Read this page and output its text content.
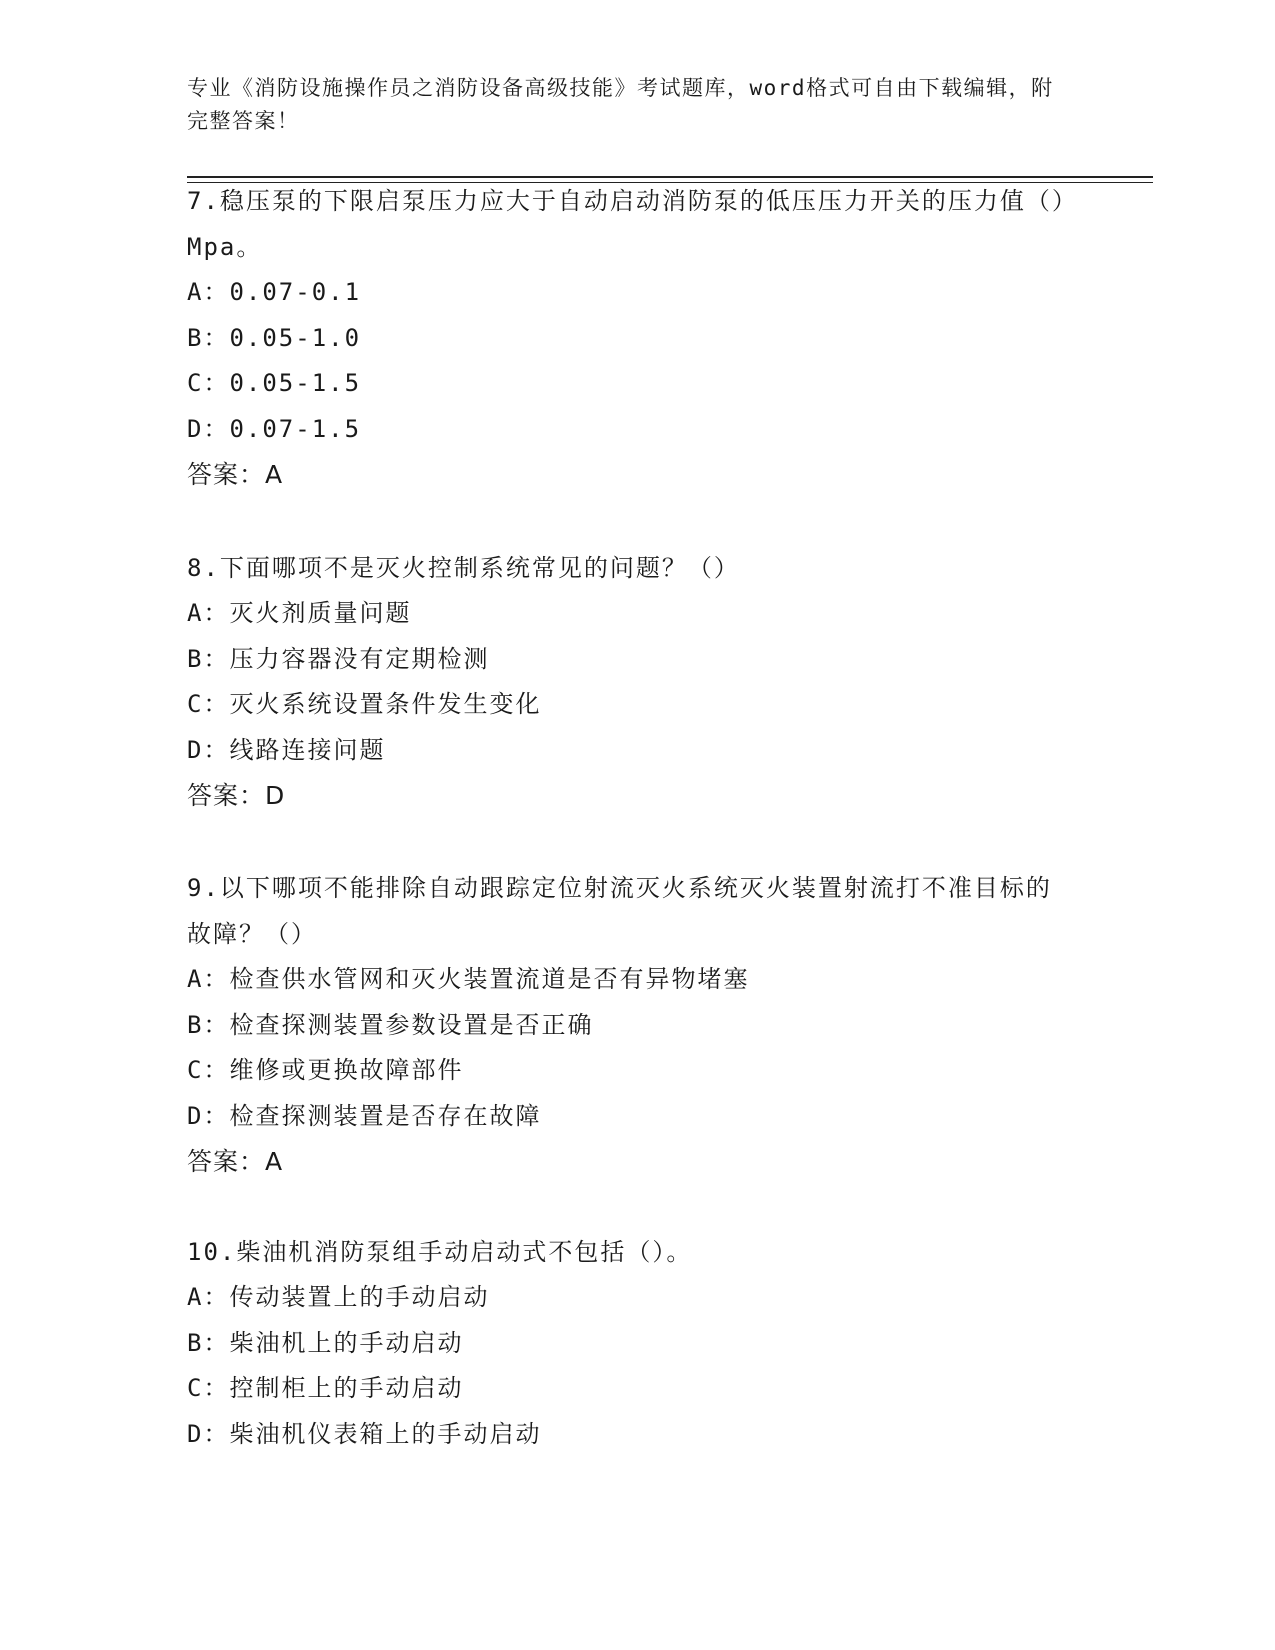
专业《消防设施操作员之消防设备高级技能》考试题库，word格式可自由下载编辑，附完整答案！

7.稳压泵的下限启泵压力应大于自动启动消防泵的低压压力开关的压力值（）Mpa。

A：0.07-0.1

B：0.05-1.0

C：0.05-1.5

D：0.07-1.5

答案：A

8.下面哪项不是灭火控制系统常见的问题？（）

A：灭火剂质量问题

B：压力容器没有定期检测

C：灭火系统设置条件发生变化

D：线路连接问题

答案：D

9.以下哪项不能排除自动跟踪定位射流灭火系统灭火装置射流打不准目标的故障？（）

A：检查供水管网和灭火装置流道是否有异物堵塞

B：检查探测装置参数设置是否正确

C：维修或更换故障部件

D：检查探测装置是否存在故障

答案：A

10.柴油机消防泵组手动启动式不包括（）。

A：传动装置上的手动启动

B：柴油机上的手动启动

C：控制柜上的手动启动

D：柴油机仪表箱上的手动启动
